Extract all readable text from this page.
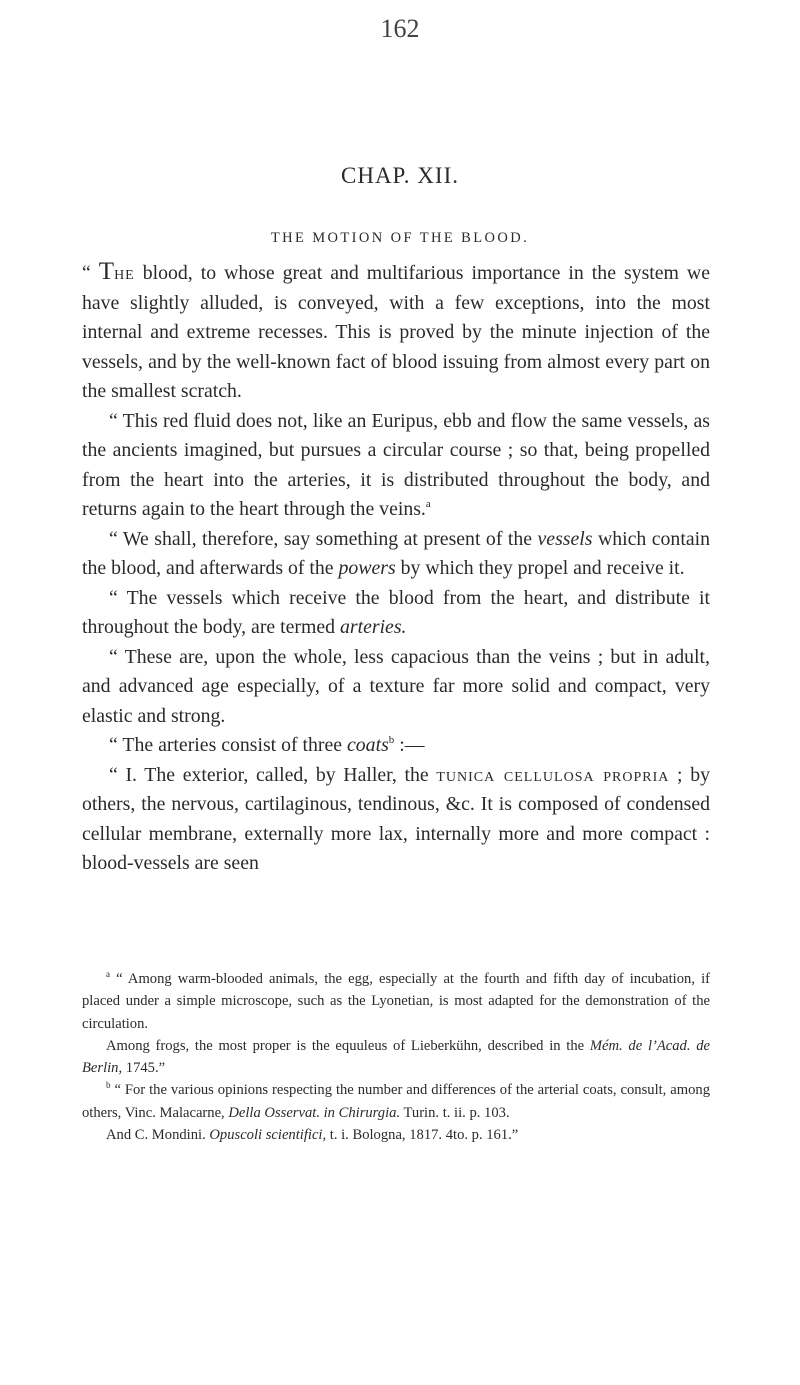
162
CHAP. XII.
THE MOTION OF THE BLOOD.

“ The blood, to whose great and multifarious importance in the system we have slightly alluded, is conveyed, with a few exceptions, into the most internal and extreme recesses. This is proved by the minute injection of the vessels, and by the well-known fact of blood issuing from almost every part on the smallest scratch.

“ This red fluid does not, like an Euripus, ebb and flow the same vessels, as the ancients imagined, but pursues a circular course ; so that, being propelled from the heart into the arteries, it is distributed throughout the body, and returns again to the heart through the veins.$^a$

“ We shall, therefore, say something at present of the vessels which contain the blood, and afterwards of the powers by which they propel and receive it.

“ The vessels which receive the blood from the heart, and distribute it throughout the body, are termed arteries.

“ These are, upon the whole, less capacious than the veins ; but in adult, and advanced age especially, of a texture far more solid and compact, very elastic and strong.

“ The arteries consist of three coats$^b$ :—

“ I. The exterior, called, by Haller, the tunica cellulosa propria ; by others, the nervous, cartilaginous, tendinous, &c. It is composed of condensed cellular membrane, externally more lax, internally more and more compact : blood-vessels are seen

$^a$ “ Among warm-blooded animals, the egg, especially at the fourth and fifth day of incubation, if placed under a simple microscope, such as the Lyonetian, is most adapted for the demonstration of the circulation.

Among frogs, the most proper is the equuleus of Lieberkühn, described in the Mém. de l’Acad. de Berlin, 1745.”

$^b$ “ For the various opinions respecting the number and differences of the arterial coats, consult, among others, Vinc. Malacarne, Della Osservat. in Chirurgia. Turin. t. ii. p. 103.

And C. Mondini. Opuscoli scientifici, t. i. Bologna, 1817. 4to. p. 161.”
